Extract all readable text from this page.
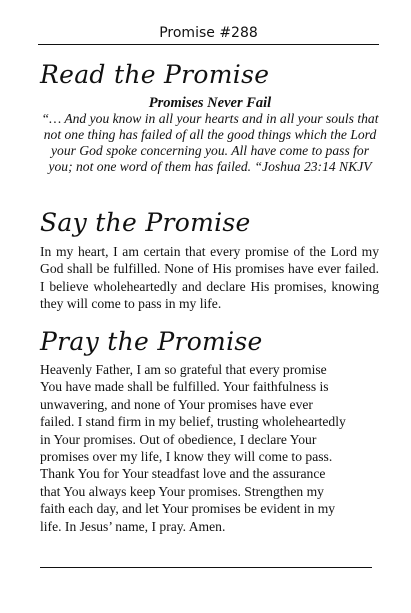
Promise #288
Read the Promise
Promises Never Fail
“… And you know in all your hearts and in all your souls that not one thing has failed of all the good things which the Lord your God spoke concerning you. All have come to pass for you; not one word of them has failed. “Joshua 23:14 NKJV
Say the Promise
In my heart, I am certain that every promise of the Lord my God shall be fulfilled. None of His promises have ever failed. I believe wholeheartedly and declare His promises, knowing they will come to pass in my life.
Pray the Promise
Heavenly Father, I am so grateful that every promise
You have made shall be fulfilled. Your faithfulness is
unwavering, and none of Your promises have ever
failed. I stand firm in my belief, trusting wholeheartedly
in Your promises. Out of obedience, I declare Your
promises over my life, I know they will come to pass.
Thank You for Your steadfast love and the assurance
that You always keep Your promises. Strengthen my
faith each day, and let Your promises be evident in my
life. In Jesus’ name, I pray. Amen.
